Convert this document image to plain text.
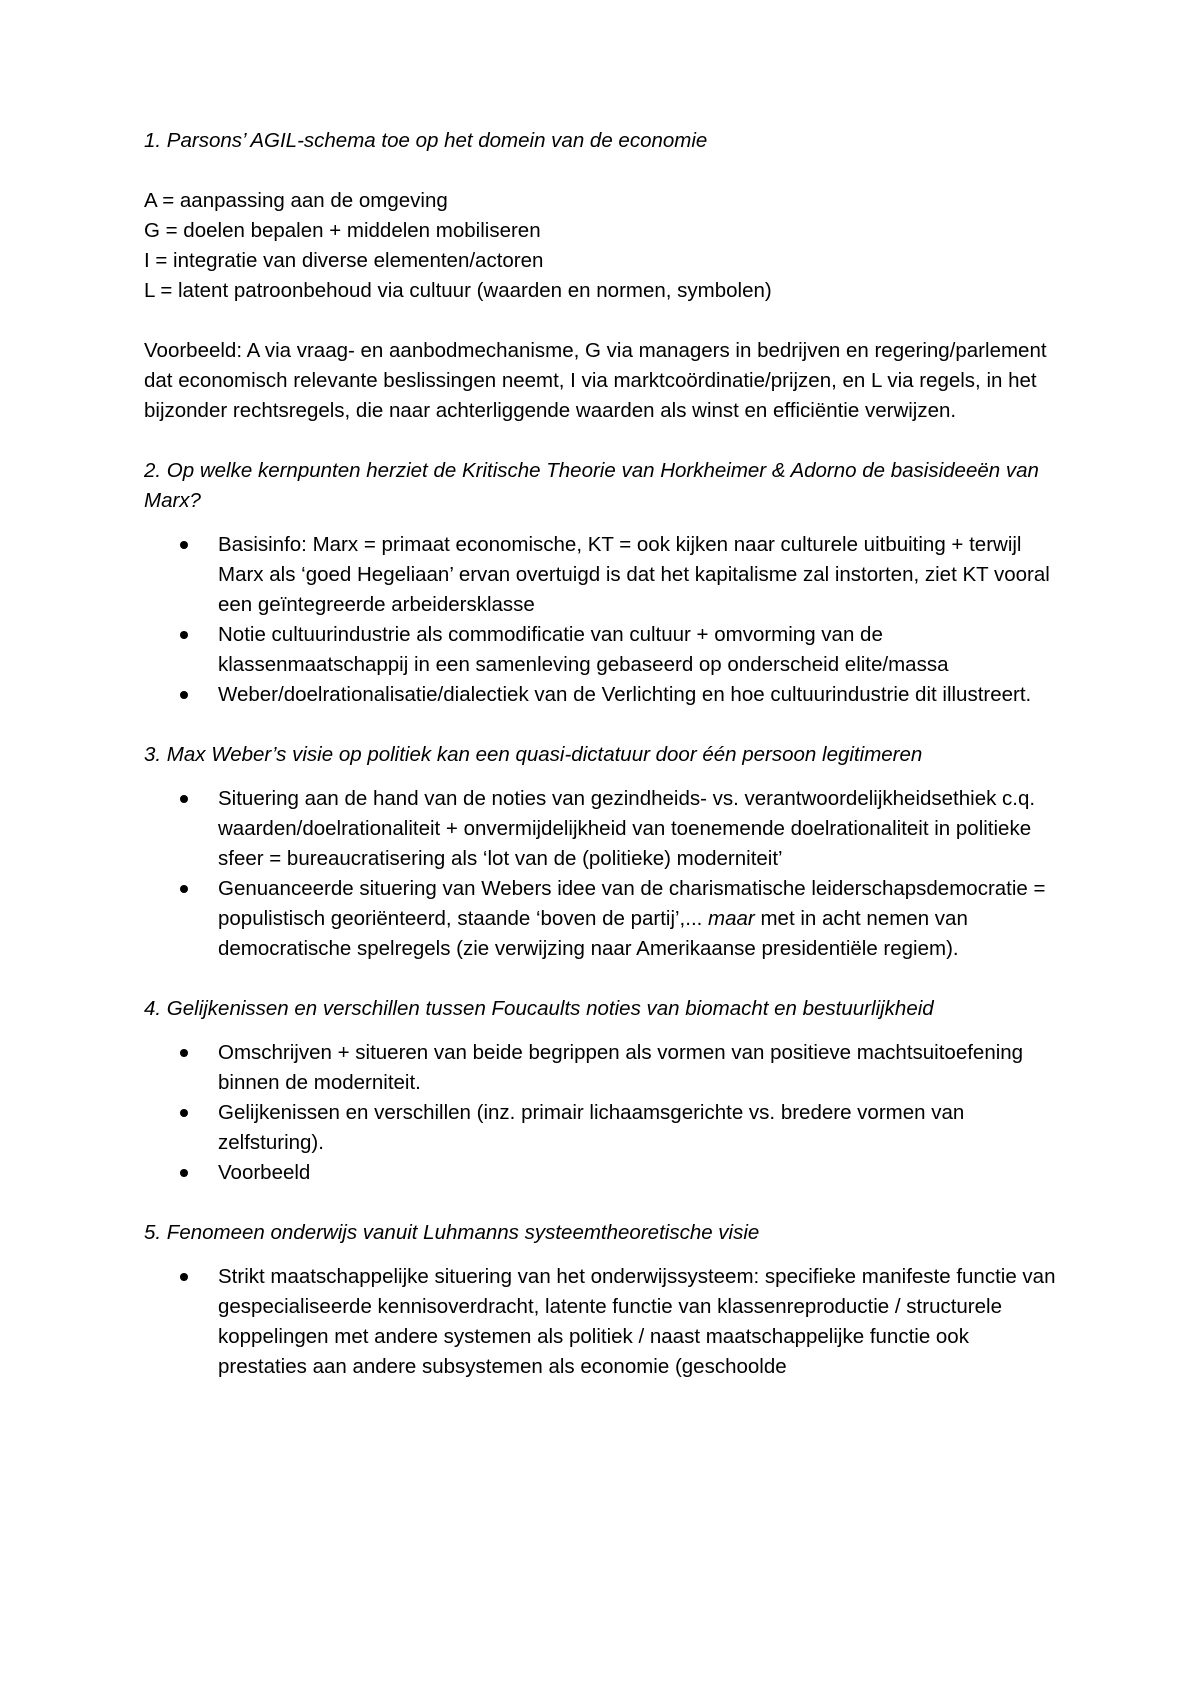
1. Parsons’ AGIL-schema toe op het domein van de economie

A = aanpassing aan de omgeving

G = doelen bepalen + middelen mobiliseren

I = integratie van diverse elementen/actoren

L = latent patroonbehoud via cultuur (waarden en normen, symbolen)

Voorbeeld: A via vraag- en aanbodmechanisme, G via managers in bedrijven en regering/parlement dat economisch relevante beslissingen neemt, I via marktcoördinatie/prijzen, en L via regels, in het bijzonder rechtsregels, die naar achterliggende waarden als winst en efficiëntie verwijzen.

2. Op welke kernpunten herziet de Kritische Theorie van Horkheimer & Adorno de basisideeën van Marx?

Basisinfo: Marx = primaat economische, KT = ook kijken naar culturele uitbuiting + terwijl Marx als ‘goed Hegeliaan’ ervan overtuigd is dat het kapitalisme zal instorten, ziet KT vooral een geïntegreerde arbeidersklasse
Notie cultuurindustrie als commodificatie van cultuur + omvorming van de klassenmaatschappij in een samenleving gebaseerd op onderscheid elite/massa
Weber/doelrationalisatie/dialectiek van de Verlichting en hoe cultuurindustrie dit illustreert.

3. Max Weber’s visie op politiek kan een quasi-dictatuur door één persoon legitimeren

Situering aan de hand van de noties van gezindheids- vs. verantwoordelijkheidsethiek c.q. waarden/doelrationaliteit + onvermijdelijkheid van toenemende doelrationaliteit in politieke sfeer = bureaucratisering als ‘lot van de (politieke) moderniteit’
Genuanceerde situering van Webers idee van de charismatische leiderschapsdemocratie = populistisch georiënteerd, staande ‘boven de partij’,... maar met in acht nemen van democratische spelregels (zie verwijzing naar Amerikaanse presidentiële regiem).

4. Gelijkenissen en verschillen tussen Foucaults noties van biomacht en bestuurlijkheid

Omschrijven + situeren van beide begrippen als vormen van positieve machtsuitoefening binnen de moderniteit.
Gelijkenissen en verschillen (inz. primair lichaamsgerichte vs. bredere vormen van zelfsturing).
Voorbeeld

5. Fenomeen onderwijs vanuit Luhmanns systeemtheoretische visie

Strikt maatschappelijke situering van het onderwijssysteem: specifieke manifeste functie van gespecialiseerde kennisoverdracht, latente functie van klassenreproductie / structurele koppelingen met andere systemen als politiek / naast maatschappelijke functie ook prestaties aan andere subsystemen als economie (geschoolde
